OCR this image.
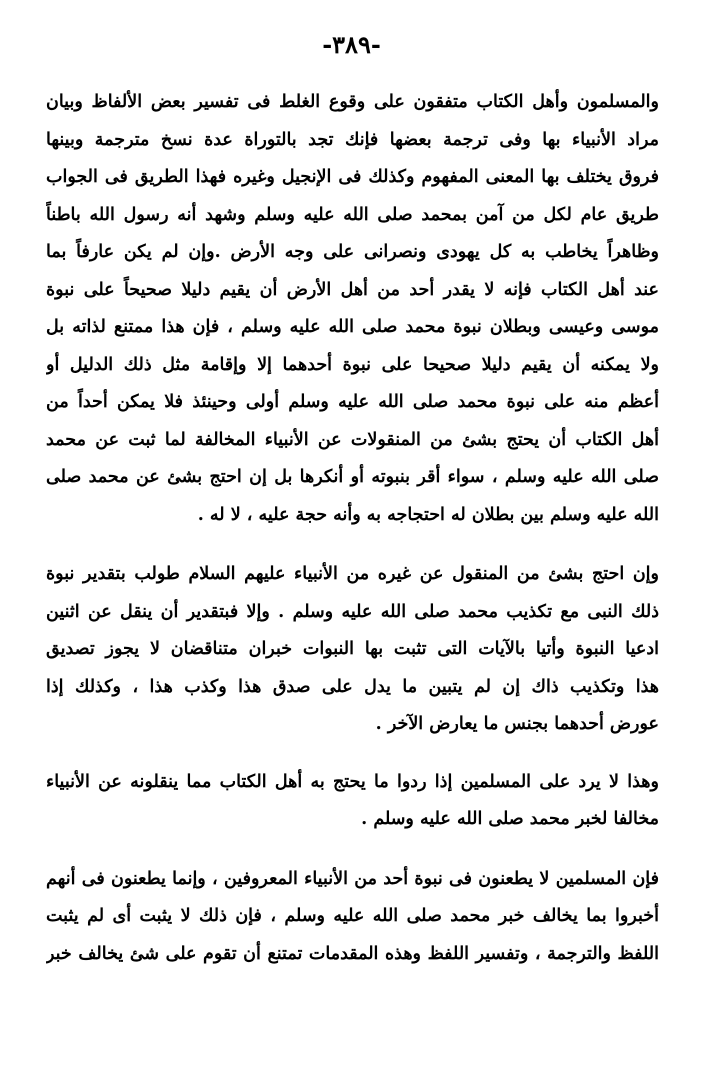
-٣٨٩-
والمسلمون وأهل الكتاب متفقون على وقوع الغلط فى تفسير بعض الألفاظ وبيان
مراد الأنبياء بها وفى ترجمة بعضها فإنك تجد بالتوراة عدة نسخ مترجمة وبينها
فروق يختلف بها المعنى المفهوم وكذلك فى الإنجيل وغيره فهذا الطريق فى الجواب
طريق عام لكل من آمن بمحمد صلى الله عليه وسلم وشهد أنه رسول الله باطناً
وظاهراً يخاطب به كل يهودى ونصرانى على وجه الأرض .وإن لم يكن عارفاً بما
عند أهل الكتاب فإنه لا يقدر أحد من أهل الأرض أن يقيم دليلا صحيحاً على نبوة
موسى وعيسى وبطلان نبوة محمد صلى الله عليه وسلم ، فإن هذا ممتنع لذاته بل
ولا يمكنه أن يقيم دليلا صحيحا على نبوة أحدهما إلا وإقامة مثل ذلك الدليل أو
أعظم منه على نبوة محمد صلى الله عليه وسلم أولى وحينئذ فلا يمكن أحداً من
أهل الكتاب أن يحتج بشئ من المنقولات عن الأنبياء المخالفة لما ثبت عن محمد
صلى الله عليه وسلم ، سواء أقر بنبوته أو أنكرها بل إن احتج بشئ عن محمد صلى
الله عليه وسلم بين بطلان له احتجاجه به وأنه حجة عليه ، لا له .
وإن احتج بشئ من المنقول عن غيره من الأنبياء عليهم السلام طولب بتقدير نبوة
ذلك النبى مع تكذيب محمد صلى الله عليه وسلم . وإلا فبتقدير أن ينقل عن اثنين
ادعيا النبوة وأتيا بالآيات التى تثبت بها النبوات خبران متناقضان لا يجوز تصديق
هذا وتكذيب ذاك إن لم يتبين ما يدل على صدق هذا وكذب هذا ، وكذلك إذا
عورض أحدهما بجنس ما يعارض الآخر .
وهذا لا يرد على المسلمين إذا ردوا ما يحتج به أهل الكتاب مما ينقلونه عن الأنبياء
مخالفا لخبر محمد صلى الله عليه وسلم .
فإن المسلمين لا يطعنون فى نبوة أحد من الأنبياء المعروفين ، وإنما يطعنون فى أنهم
أخبروا بما يخالف خبر محمد صلى الله عليه وسلم ، فإن ذلك لا يثبت أى لم يثبت
اللفظ والترجمة ، وتفسير اللفظ وهذه المقدمات تمتنع أن تقوم على شئ يخالف خبر
